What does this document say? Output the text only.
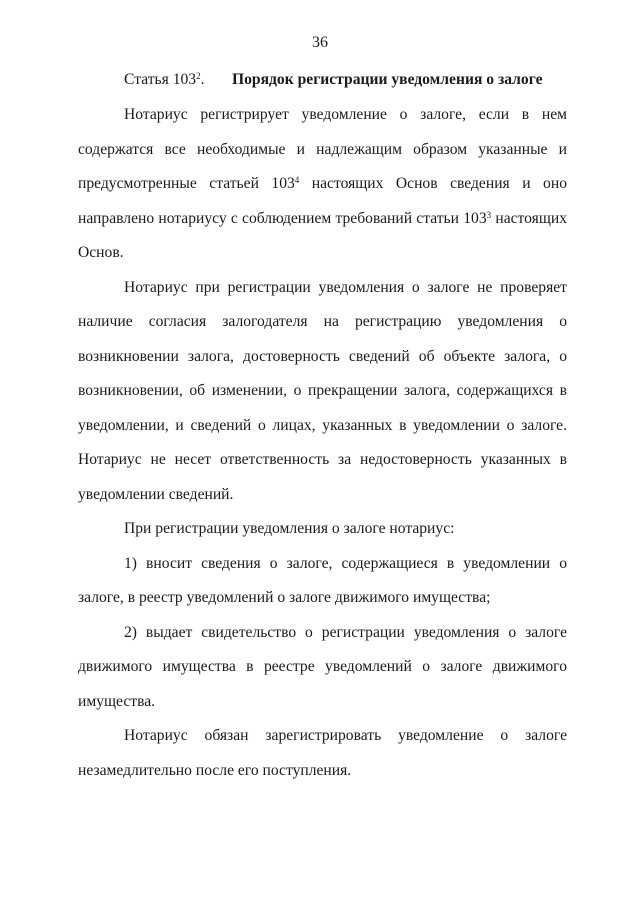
36
Статья $103^2$. Порядок регистрации уведомления о залоге

Нотариус регистрирует уведомление о залоге, если в нем содержатся все необходимые и надлежащим образом указанные и предусмотренные статьей $103^4$ настоящих Основ сведения и оно направлено нотариусу с соблюдением требований статьи $103^3$ настоящих Основ.

Нотариус при регистрации уведомления о залоге не проверяет наличие согласия залогодателя на регистрацию уведомления о возникновении залога, достоверность сведений об объекте залога, о возникновении, об изменении, о прекращении залога, содержащихся в уведомлении, и сведений о лицах, указанных в уведомлении о залоге. Нотариус не несет ответственность за недостоверность указанных в уведомлении сведений.

При регистрации уведомления о залоге нотариус:

1) вносит сведения о залоге, содержащиеся в уведомлении о залоге, в реестр уведомлений о залоге движимого имущества;

2) выдает свидетельство о регистрации уведомления о залоге движимого имущества в реестре уведомлений о залоге движимого имущества.

Нотариус обязан зарегистрировать уведомление о залоге незамедлительно после его поступления.
